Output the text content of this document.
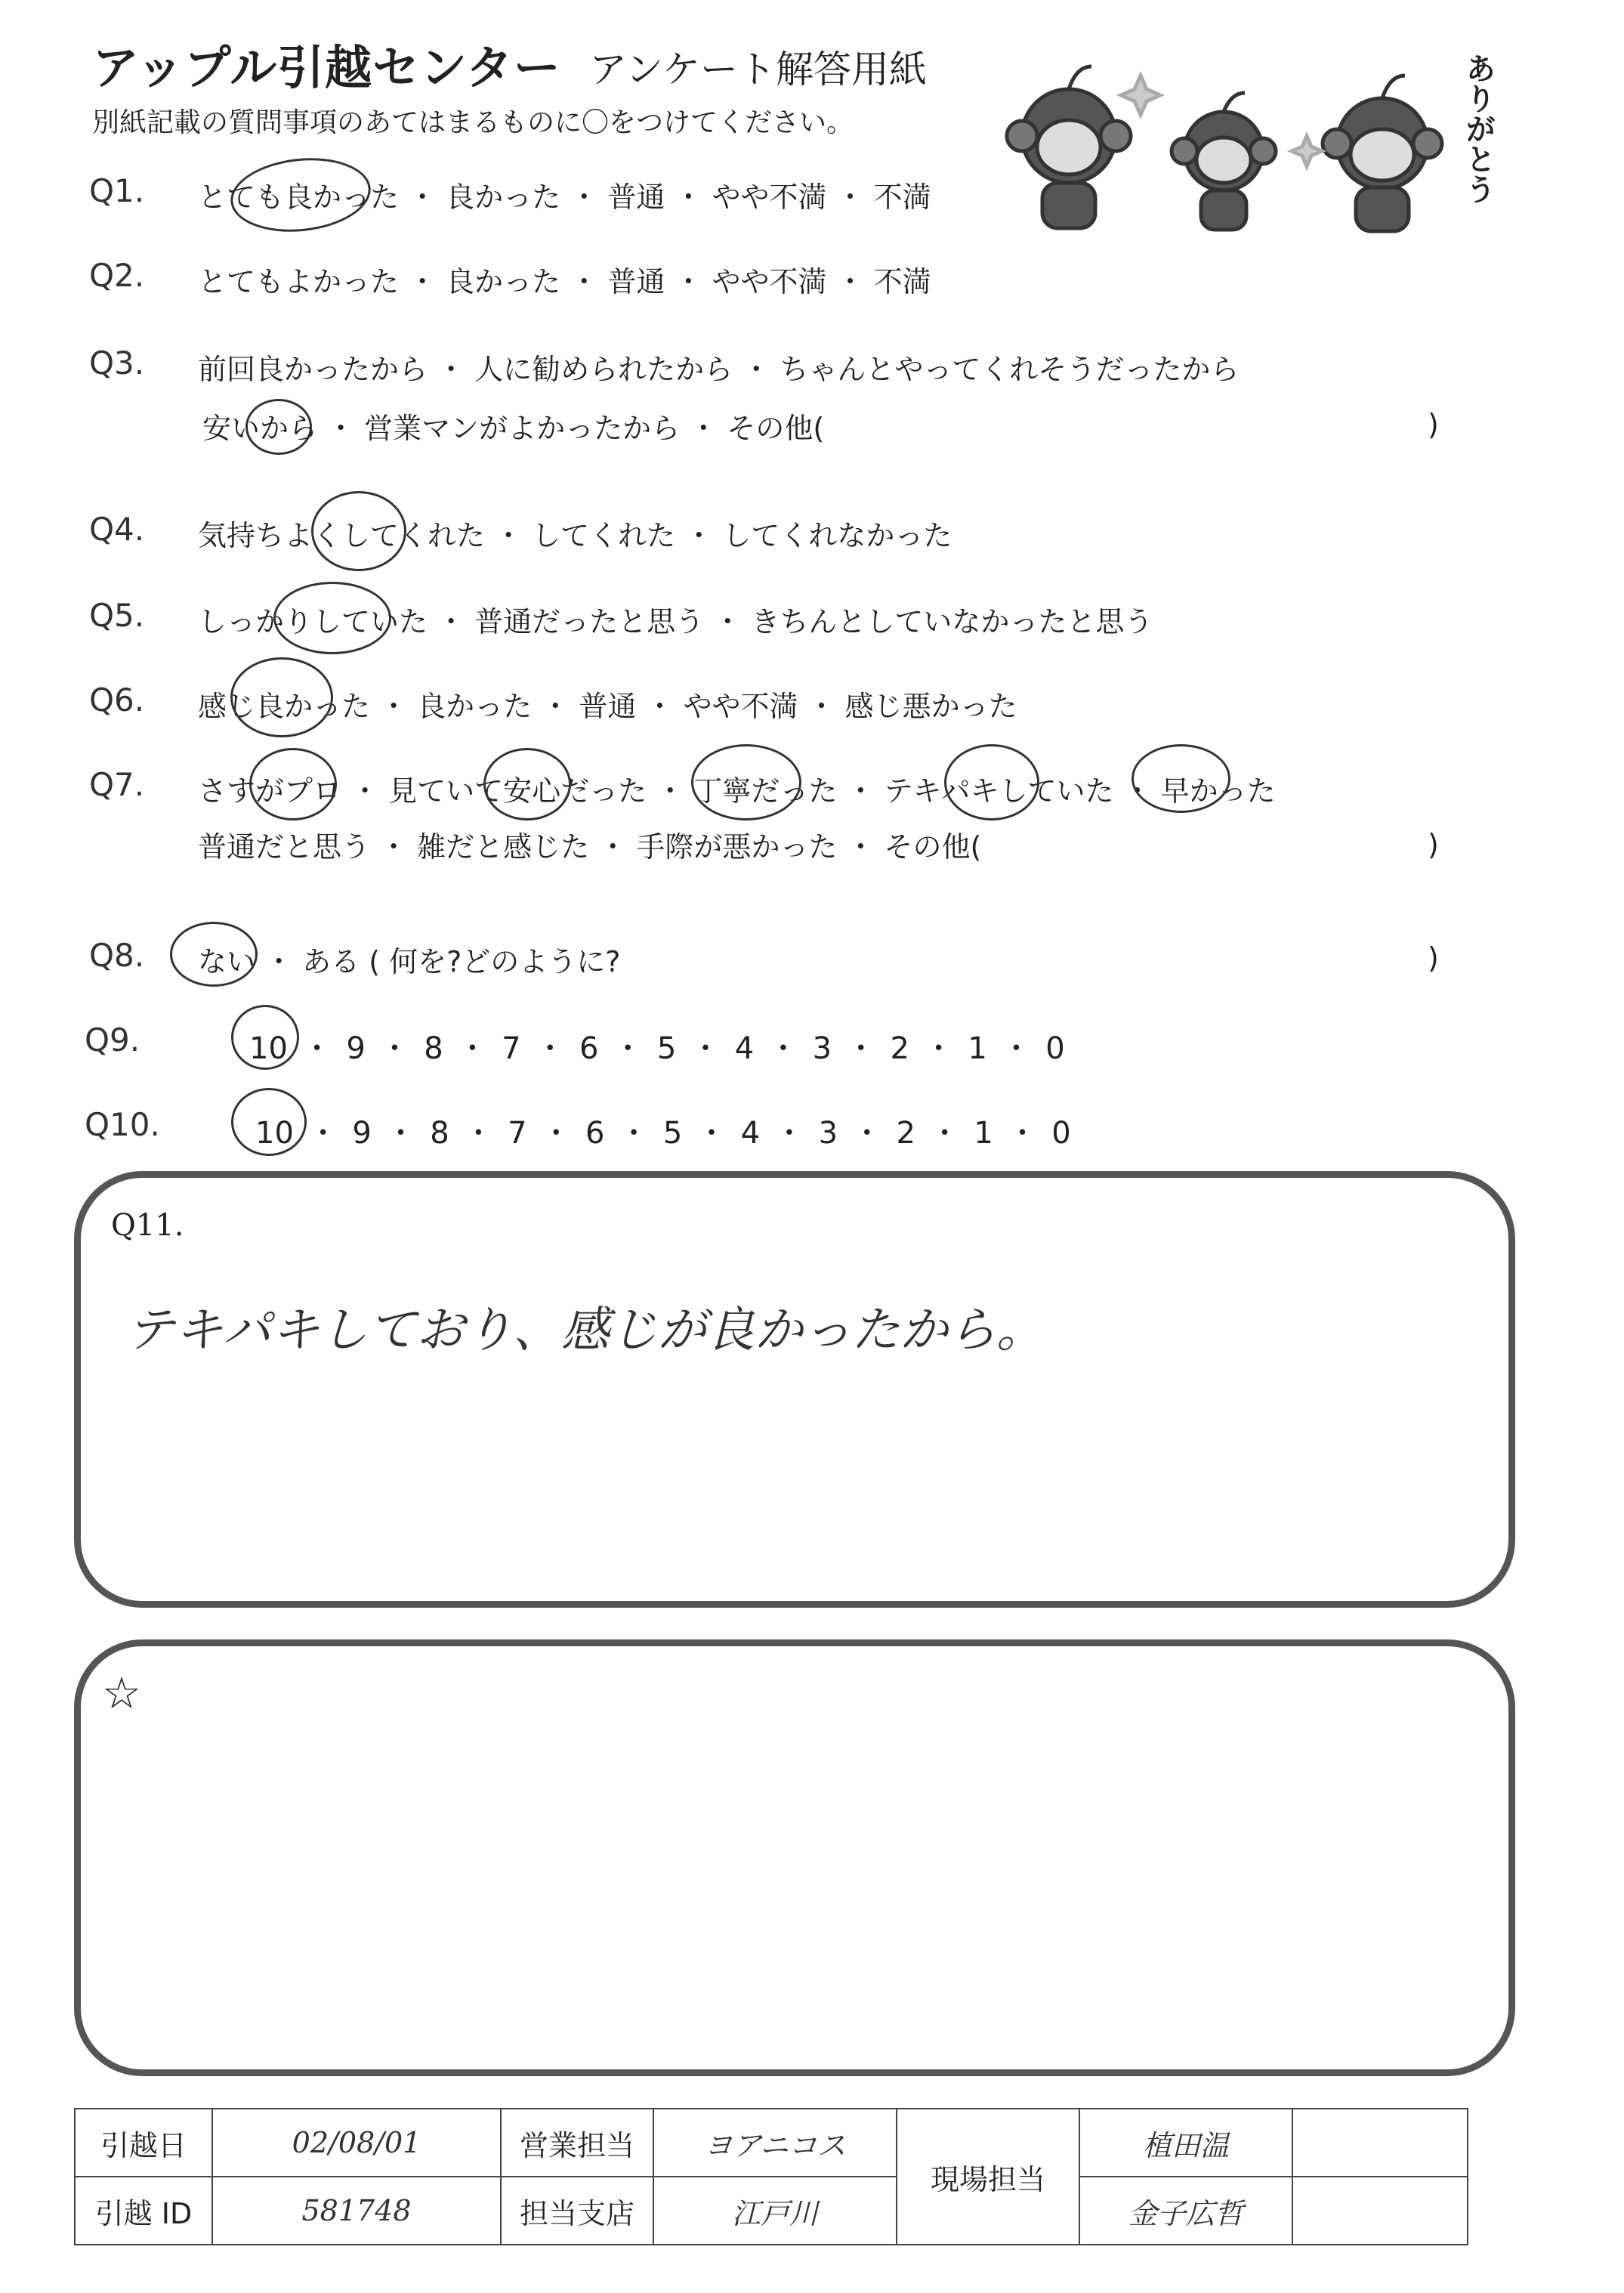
アップル引越センター アンケート解答用紙
別紙記載の質問事項のあてはまるものに〇をつけてください。	ありがとう
Q1. とても良かった ・ 良かった ・ 普通 ・ やや不満 ・ 不満
Q2. とてもよかった ・ 良かった ・ 普通 ・ やや不満 ・ 不満
Q3. 前回良かったから ・ 人に勧められたから ・ ちゃんとやってくれそうだったから
安いから ・ 営業マンがよかったから ・ その他(	)
Q4. 気持ちよくしてくれた ・ してくれた ・ してくれなかった
Q5. しっかりしていた ・ 普通だったと思う ・ きちんとしていなかったと思う
Q6. 感じ良かった ・ 良かった ・ 普通 ・ やや不満 ・ 感じ悪かった
Q7. さすがプロ ・ 見ていて安心だった ・ 丁寧だった ・ テキパキしていた ・ 早かった
普通だと思う ・ 雑だと感じた ・ 手際が悪かった ・ その他(	)
Q8. ない ・ ある ( 何を?どのように?	)
Q9.	10 ・ 9 ・ 8 ・ 7 ・ 6 ・ 5 ・ 4 ・ 3 ・ 2 ・ 1 ・ 0
Q10.	10 ・ 9 ・ 8 ・ 7 ・ 6 ・ 5 ・ 4 ・ 3 ・ 2 ・ 1 ・ 0
Q11.
テキパキしており、感じが良かったから。
☆
引越日	02/08/01	営業担当	ヨアニコス	現場担当	植田温	
引越 ID	581748	担当支店	江戸川		金子広哲	
